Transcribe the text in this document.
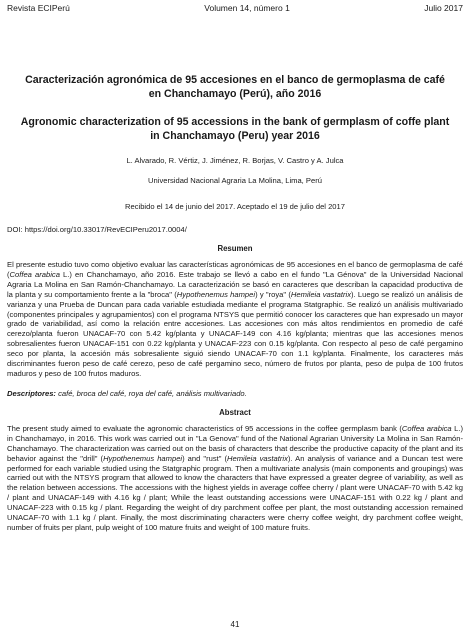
Revista ECIPerú	Volumen 14, número 1	Julio 2017
Caracterización agronómica de 95 accesiones en el banco de germoplasma de café en Chanchamayo (Perú), año 2016
Agronomic characterization of 95 accessions in the bank of germplasm of coffe plant in Chanchamayo (Peru) year 2016
L. Alvarado, R. Vértiz, J. Jiménez, R. Borjas, V. Castro y A. Julca
Universidad Nacional Agraria La Molina, Lima, Perú
Recibido el 14 de junio del 2017. Aceptado el 19 de julio del 2017
DOI: https://doi.org/10.33017/RevECIPeru2017.0004/
Resumen
El presente estudio tuvo como objetivo evaluar las características agronómicas de 95 accesiones en el banco de germoplasma de café (Coffea arabica L.) en Chanchamayo, año 2016. Este trabajo se llevó a cabo en el fundo "La Génova" de la Universidad Nacional Agraria La Molina en San Ramón-Chanchamayo. La caracterización se basó en caracteres que describan la capacidad productiva de la planta y su comportamiento frente a la "broca" (Hypothenemus hampei) y "roya" (Hemileia vastatrix). Luego se realizó un análisis de varianza y una Prueba de Duncan para cada variable estudiada mediante el programa Statgraphic. Se realizó un análisis multivariado (componentes principales y agrupamientos) con el programa NTSYS que permitió conocer los caracteres que han expresado un mayor grado de variabilidad, así como la relación entre accesiones. Las accesiones con más altos rendimientos en promedio de café cerezo/planta fueron UNACAF-70 con 5.42 kg/planta y UNACAF-149 con 4.16 kg/planta; mientras que las accesiones menos sobresalientes fueron UNACAF-151 con 0.22 kg/planta y UNACAF-223 con 0.15 kg/planta. Con respecto al peso de café pergamino seco por planta, la accesión más sobresaliente siguió siendo UNACAF-70 con 1.1 kg/planta. Finalmente, los caracteres más discriminantes fueron peso de café cerezo, peso de café pergamino seco, número de frutos por planta, peso de pulpa de 100 frutos maduros y peso de 100 frutos maduros.
Descriptores: café, broca del café, roya del café, análisis multivariado.
Abstract
The present study aimed to evaluate the agronomic characteristics of 95 accessions in the coffee germplasm bank (Coffea arabica L.) in Chanchamayo, in 2016. This work was carried out in "La Genova" fund of the National Agrarian University La Molina in San Ramón-Chanchamayo. The characterization was carried out on the basis of characters that describe the productive capacity of the plant and its behavior against the "drill" (Hypothenemus hampei) and "rust" (Hemileia vastatrix). An analysis of variance and a Duncan test were performed for each variable studied using the Statgraphic program. Then a multivariate analysis (main components and groupings) was carried out with the NTSYS program that allowed to know the characters that have expressed a greater degree of variability, as well as the relation between accessions. The accessions with the highest yields in average coffee cherry / plant were UNACAF-70 with 5.42 kg / plant and UNACAF-149 with 4.16 kg / plant; While the least outstanding accessions were UNACAF-151 with 0.22 kg / plant and UNACAF-223 with 0.15 kg / plant. Regarding the weight of dry parchment coffee per plant, the most outstanding accession remained UNACAF-70 with 1.1 kg / plant. Finally, the most discriminating characters were cherry coffee weight, dry parchment coffee weight, number of fruits per plant, pulp weight of 100 mature fruits and weight of 100 mature fruits.
41
